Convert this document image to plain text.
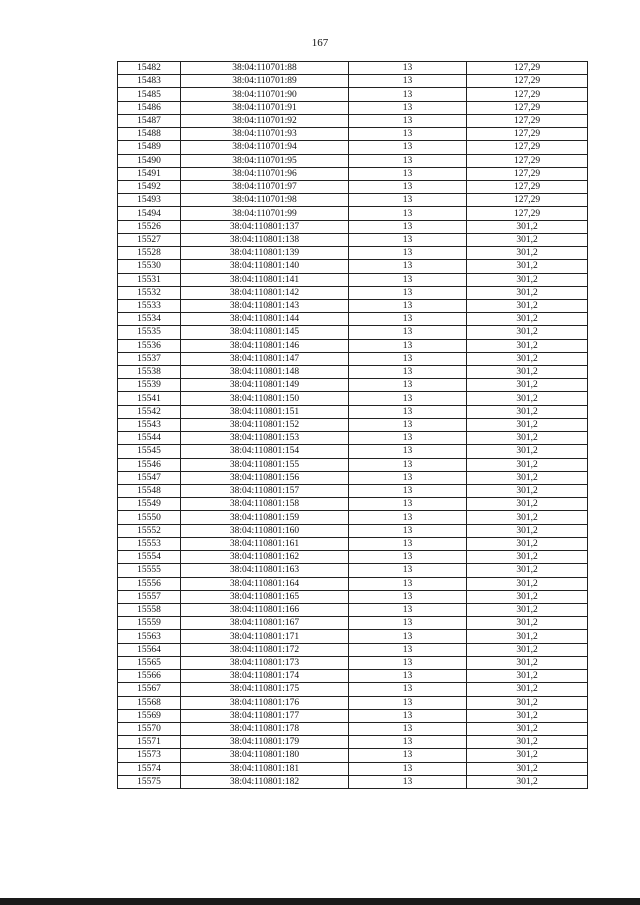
167
15482	38:04:110701:88	13	127,29
15483	38:04:110701:89	13	127,29
15485	38:04:110701:90	13	127,29
15486	38:04:110701:91	13	127,29
15487	38:04:110701:92	13	127,29
15488	38:04:110701:93	13	127,29
15489	38:04:110701:94	13	127,29
15490	38:04:110701:95	13	127,29
15491	38:04:110701:96	13	127,29
15492	38:04:110701:97	13	127,29
15493	38:04:110701:98	13	127,29
15494	38:04:110701:99	13	127,29
15526	38:04:110801:137	13	301,2
15527	38:04:110801:138	13	301,2
15528	38:04:110801:139	13	301,2
15530	38:04:110801:140	13	301,2
15531	38:04:110801:141	13	301,2
15532	38:04:110801:142	13	301,2
15533	38:04:110801:143	13	301,2
15534	38:04:110801:144	13	301,2
15535	38:04:110801:145	13	301,2
15536	38:04:110801:146	13	301,2
15537	38:04:110801:147	13	301,2
15538	38:04:110801:148	13	301,2
15539	38:04:110801:149	13	301,2
15541	38:04:110801:150	13	301,2
15542	38:04:110801:151	13	301,2
15543	38:04:110801:152	13	301,2
15544	38:04:110801:153	13	301,2
15545	38:04:110801:154	13	301,2
15546	38:04:110801:155	13	301,2
15547	38:04:110801:156	13	301,2
15548	38:04:110801:157	13	301,2
15549	38:04:110801:158	13	301,2
15550	38:04:110801:159	13	301,2
15552	38:04:110801:160	13	301,2
15553	38:04:110801:161	13	301,2
15554	38:04:110801:162	13	301,2
15555	38:04:110801:163	13	301,2
15556	38:04:110801:164	13	301,2
15557	38:04:110801:165	13	301,2
15558	38:04:110801:166	13	301,2
15559	38:04:110801:167	13	301,2
15563	38:04:110801:171	13	301,2
15564	38:04:110801:172	13	301,2
15565	38:04:110801:173	13	301,2
15566	38:04:110801:174	13	301,2
15567	38:04:110801:175	13	301,2
15568	38:04:110801:176	13	301,2
15569	38:04:110801:177	13	301,2
15570	38:04:110801:178	13	301,2
15571	38:04:110801:179	13	301,2
15573	38:04:110801:180	13	301,2
15574	38:04:110801:181	13	301,2
15575	38:04:110801:182	13	301,2
